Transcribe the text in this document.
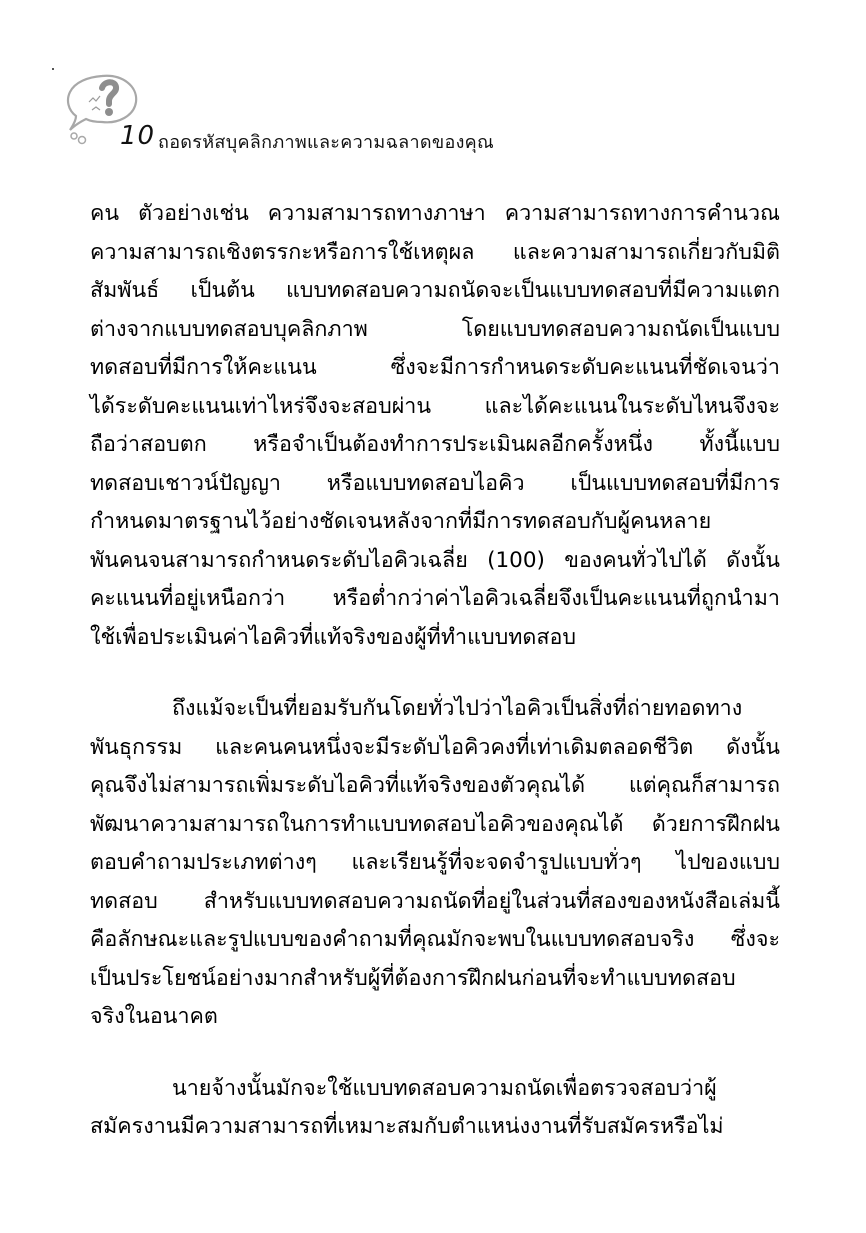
10 ถอดรหัสบุคลิกภาพและความฉลาดของคุณ

คน ตัวอย่างเช่น ความสามารถทางภาษา ความสามารถทางการคำนวณ
ความสามารถเชิงตรรกะหรือการใช้เหตุผล และความสามารถเกี่ยวกับมิติ
สัมพันธ์ เป็นต้น แบบทดสอบความถนัดจะเป็นแบบทดสอบที่มีความแตก
ต่างจากแบบทดสอบบุคลิกภาพ โดยแบบทดสอบความถนัดเป็นแบบ
ทดสอบที่มีการให้คะแนน ซึ่งจะมีการกำหนดระดับคะแนนที่ชัดเจนว่า
ได้ระดับคะแนนเท่าไหร่จึงจะสอบผ่าน และได้คะแนนในระดับไหนจึงจะ
ถือว่าสอบตก หรือจำเป็นต้องทำการประเมินผลอีกครั้งหนึ่ง ทั้งนี้แบบ
ทดสอบเชาวน์ปัญญา หรือแบบทดสอบไอคิว เป็นแบบทดสอบที่มีการ
กำหนดมาตรฐานไว้อย่างชัดเจนหลังจากที่มีการทดสอบกับผู้คนหลาย
พันคนจนสามารถกำหนดระดับไอคิวเฉลี่ย (100) ของคนทั่วไปได้ ดังนั้น
คะแนนที่อยู่เหนือกว่า หรือต่ำกว่าค่าไอคิวเฉลี่ยจึงเป็นคะแนนที่ถูกนำมา
ใช้เพื่อประเมินค่าไอคิวที่แท้จริงของผู้ที่ทำแบบทดสอบ

ถึงแม้จะเป็นที่ยอมรับกันโดยทั่วไปว่าไอคิวเป็นสิ่งที่ถ่ายทอดทาง
พันธุกรรม และคนคนหนึ่งจะมีระดับไอคิวคงที่เท่าเดิมตลอดชีวิต ดังนั้น
คุณจึงไม่สามารถเพิ่มระดับไอคิวที่แท้จริงของตัวคุณได้ แต่คุณก็สามารถ
พัฒนาความสามารถในการทำแบบทดสอบไอคิวของคุณได้ ด้วยการฝึกฝน
ตอบคำถามประเภทต่างๆ และเรียนรู้ที่จะจดจำรูปแบบทั่วๆ ไปของแบบ
ทดสอบ สำหรับแบบทดสอบความถนัดที่อยู่ในส่วนที่สองของหนังสือเล่มนี้
คือลักษณะและรูปแบบของคำถามที่คุณมักจะพบในแบบทดสอบจริง ซึ่งจะ
เป็นประโยชน์อย่างมากสำหรับผู้ที่ต้องการฝึกฝนก่อนที่จะทำแบบทดสอบ
จริงในอนาคต

นายจ้างนั้นมักจะใช้แบบทดสอบความถนัดเพื่อตรวจสอบว่าผู้
สมัครงานมีความสามารถที่เหมาะสมกับตำแหน่งงานที่รับสมัครหรือไม่
